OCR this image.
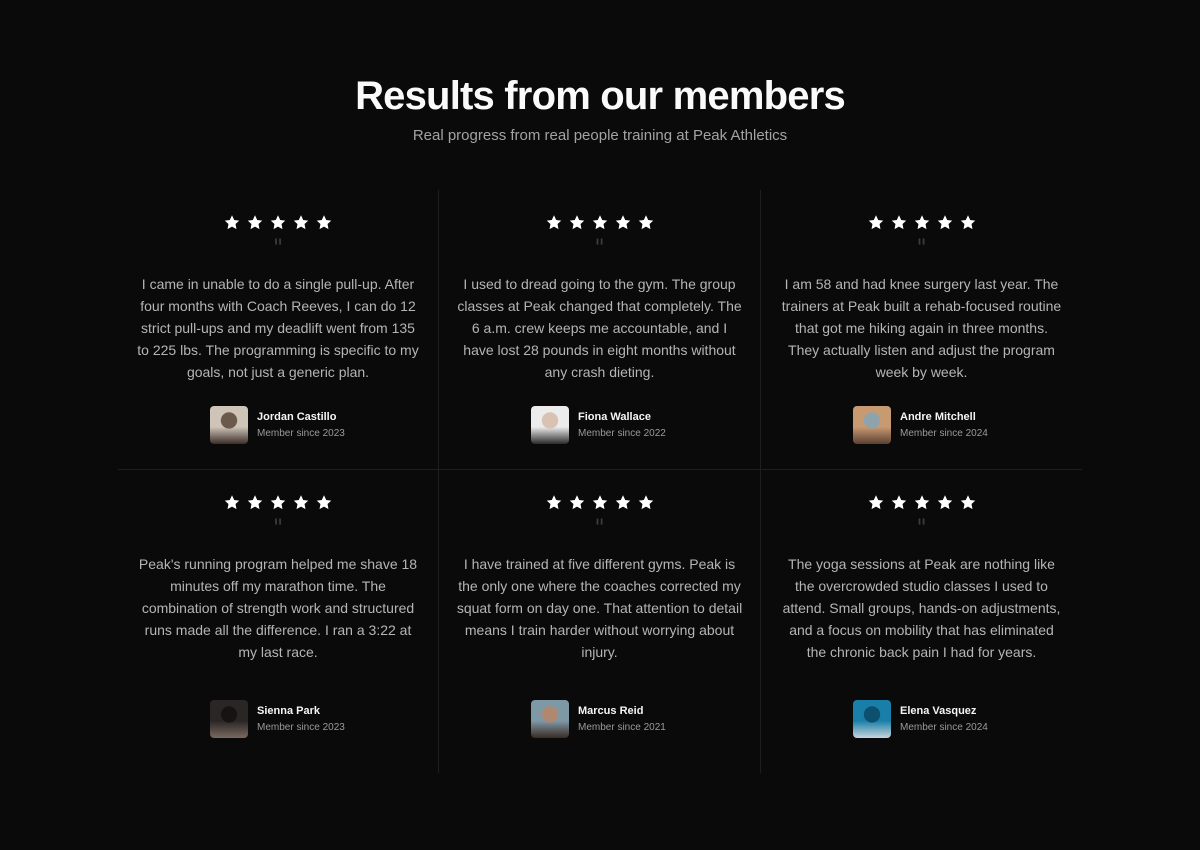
Results from our members

Real progress from real people training at Peak Athletics

"

I came in unable to do a single pull-up. After four months with Coach Reeves, I can do 12 strict pull-ups and my deadlift went from 135 to 225 lbs. The programming is specific to my goals, not just a generic plan.

Jordan Castillo
Member since 2023
"

I used to dread going to the gym. The group classes at Peak changed that completely. The 6 a.m. crew keeps me accountable, and I have lost 28 pounds in eight months without any crash dieting.

Fiona Wallace
Member since 2022
"

I am 58 and had knee surgery last year. The trainers at Peak built a rehab-focused routine that got me hiking again in three months. They actually listen and adjust the program week by week.

Andre Mitchell
Member since 2024
"

Peak's running program helped me shave 18 minutes off my marathon time. The combination of strength work and structured runs made all the difference. I ran a 3:22 at my last race.

Sienna Park
Member since 2023
"

I have trained at five different gyms. Peak is the only one where the coaches corrected my squat form on day one. That attention to detail means I train harder without worrying about injury.

Marcus Reid
Member since 2021
"

The yoga sessions at Peak are nothing like the overcrowded studio classes I used to attend. Small groups, hands-on adjustments, and a focus on mobility that has eliminated the chronic back pain I had for years.

Elena Vasquez
Member since 2024
